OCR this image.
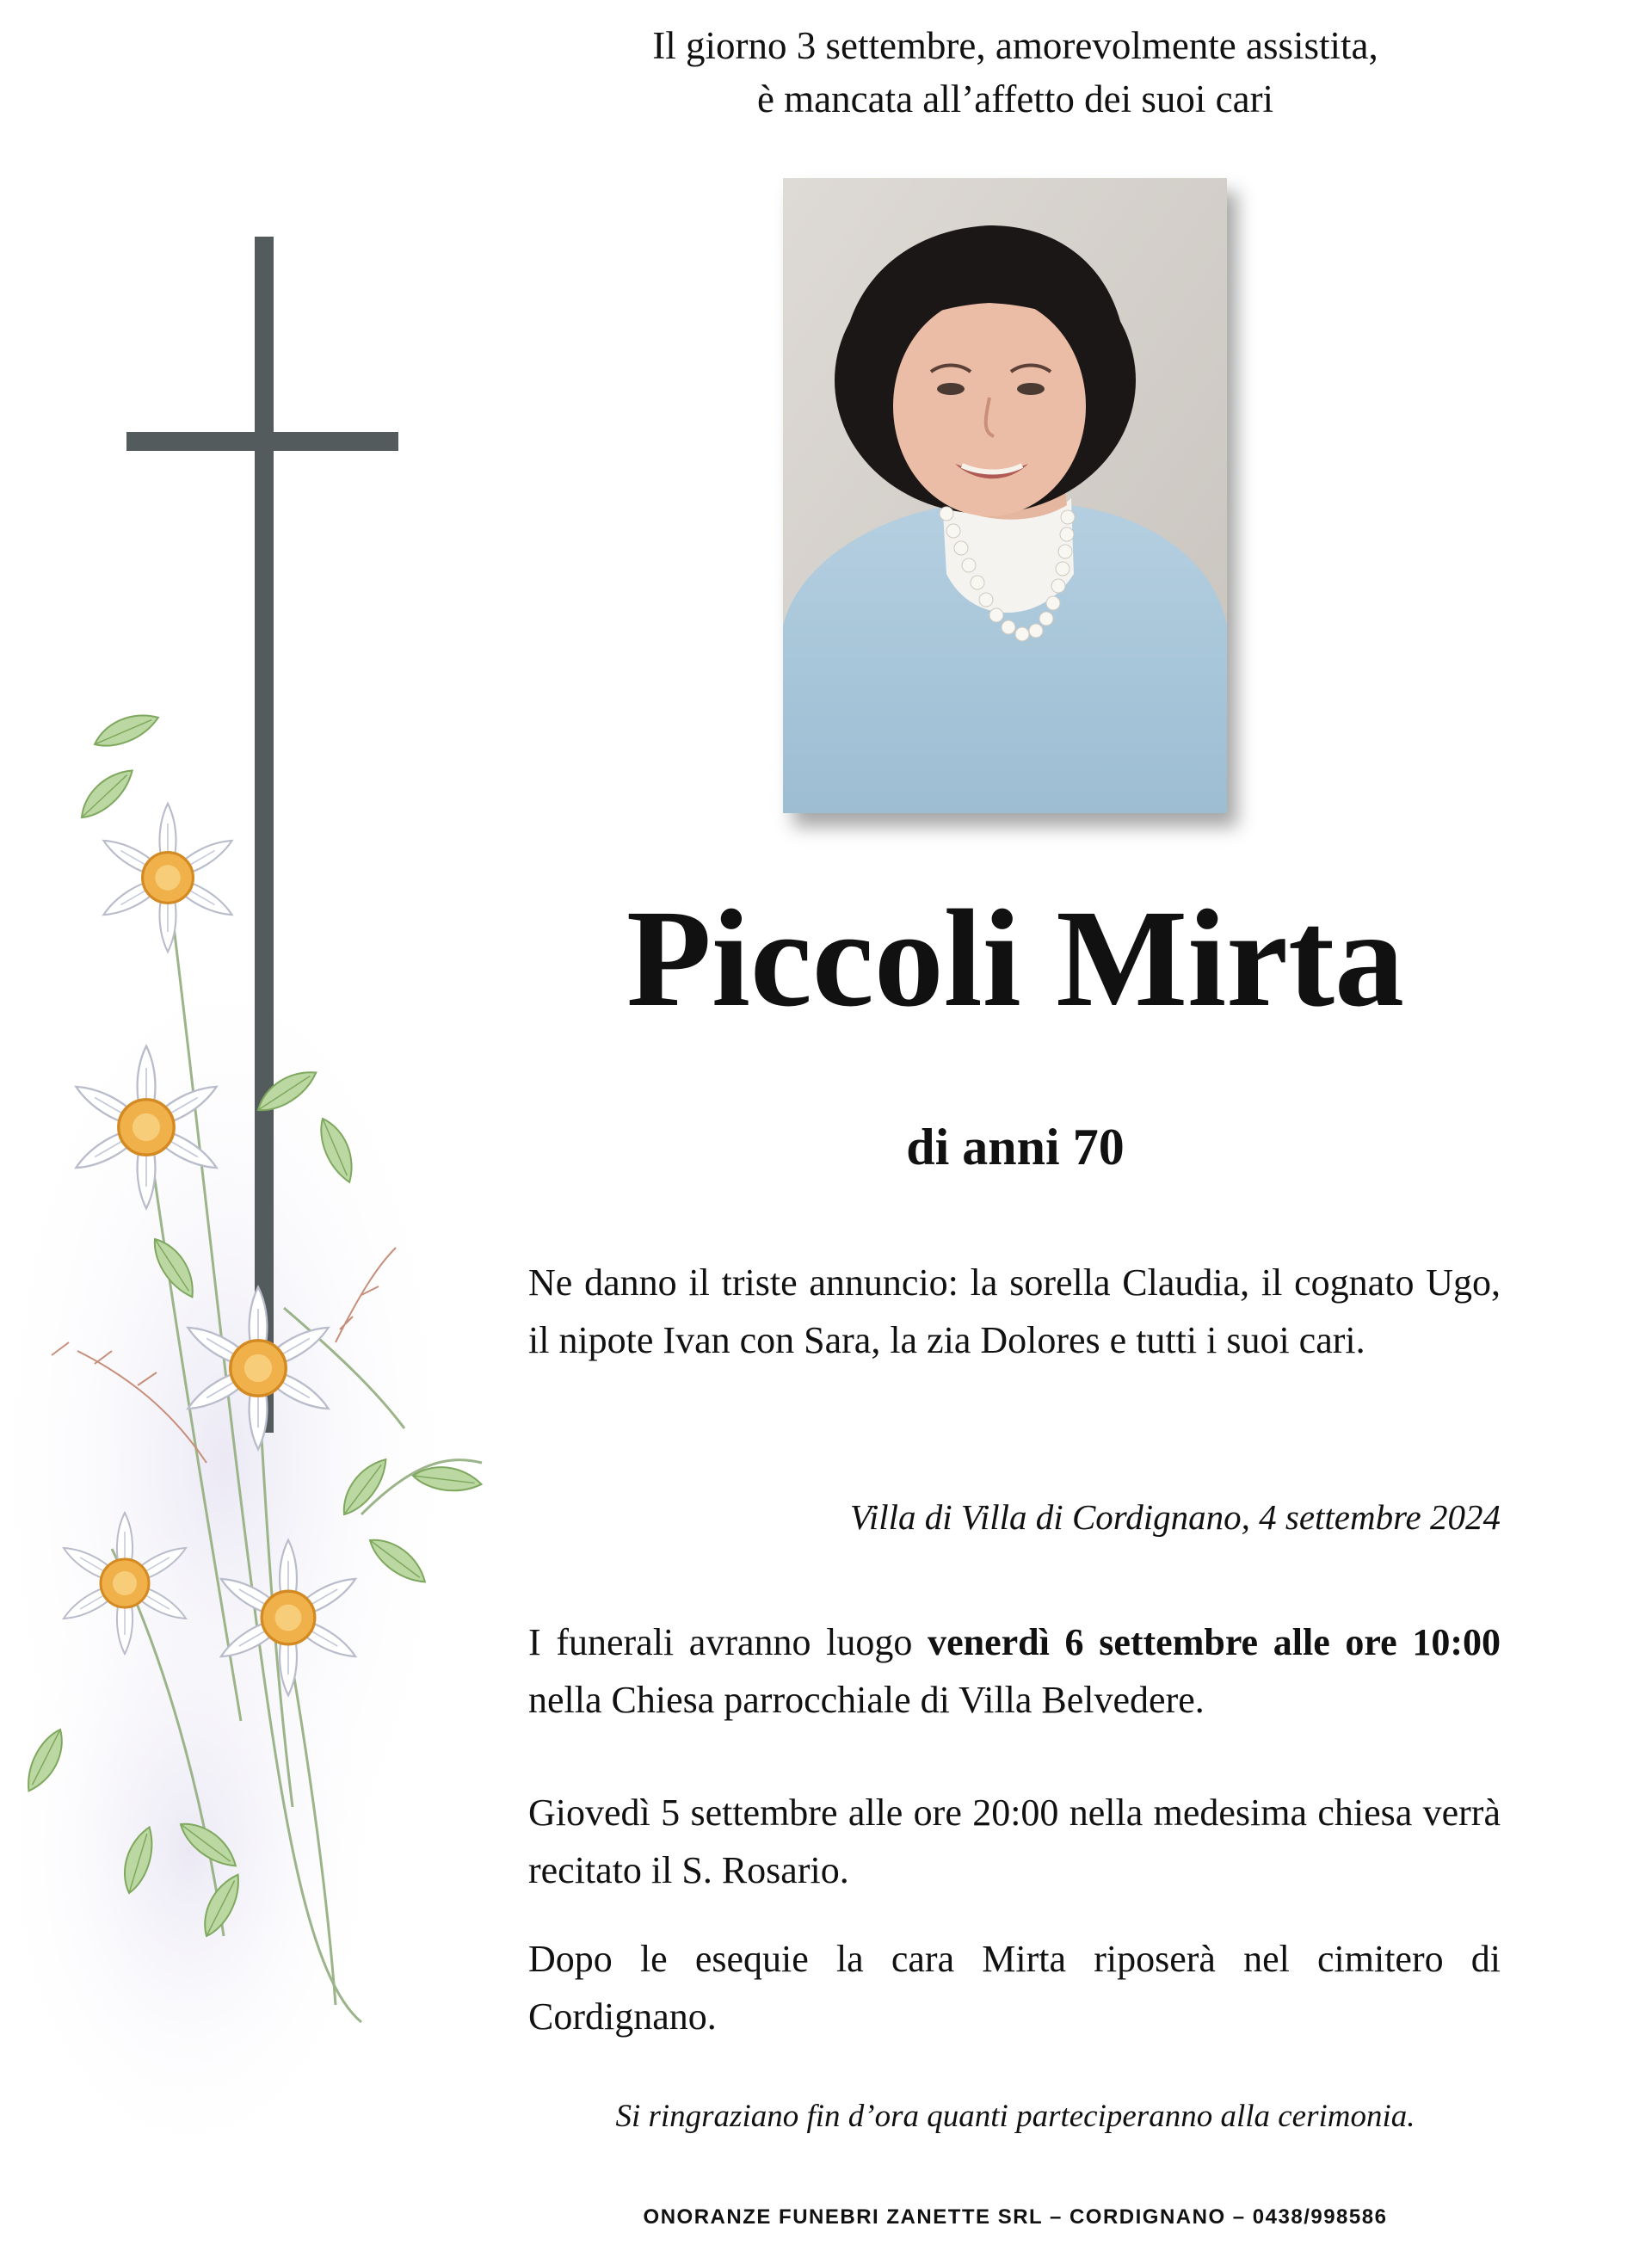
Il giorno 3 settembre, amorevolmente assistita,
è mancata all’affetto dei suoi cari
Piccoli Mirta
di anni 70
Ne danno il triste annuncio: la sorella Claudia, il cognato Ugo, il nipote Ivan con Sara, la zia Dolores e tutti i suoi cari.
Villa di Villa di Cordignano, 4 settembre 2024
I funerali avranno luogo venerdì 6 settembre alle ore 10:00 nella Chiesa parrocchiale di Villa Belvedere.
Giovedì 5 settembre alle ore 20:00 nella medesima chiesa verrà recitato il S. Rosario.
Dopo le esequie la cara Mirta riposerà nel cimitero di Cordignano.
Si ringraziano fin d’ora quanti parteciperanno alla cerimonia.
ONORANZE FUNEBRI ZANETTE SRL – CORDIGNANO – 0438/998586
